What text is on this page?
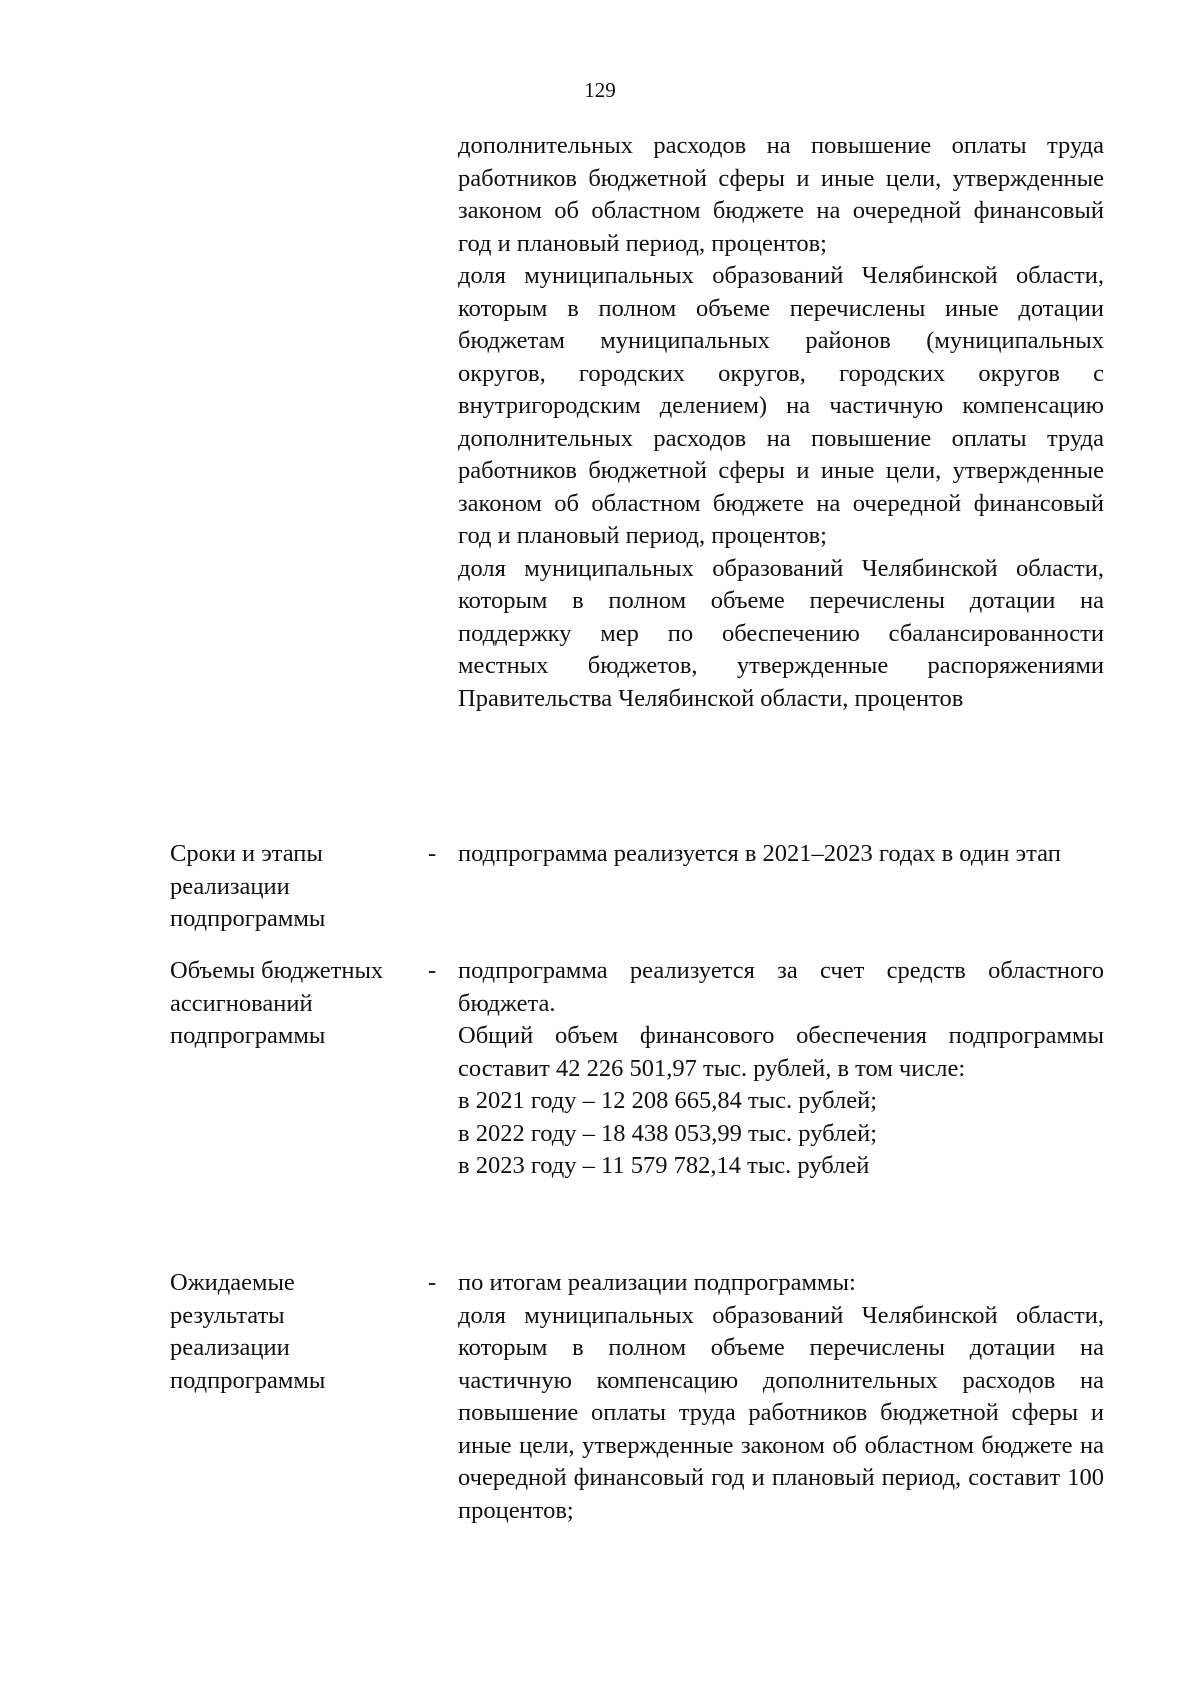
129

дополнительных расходов на повышение оплаты труда работников бюджетной сферы и иные цели, утвержденные законом об областном бюджете на очередной финансовый год и плановый период, процентов;

доля муниципальных образований Челябинской области, которым в полном объеме перечислены иные дотации бюджетам муниципальных районов (муниципальных округов, городских округов, городских округов с внутригородским делением) на частичную компенсацию дополнительных расходов на повышение оплаты труда работников бюджетной сферы и иные цели, утвержденные законом об областном бюджете на очередной финансовый год и плановый период, процентов;

доля муниципальных образований Челябинской области, которым в полном объеме перечислены дотации на поддержку мер по обеспечению сбалансированности местных бюджетов, утвержденные распоряжениями Правительства Челябинской области, процентов

Сроки и этапы реализации подпрограммы
- подпрограмма реализуется в 2021–2023 годах в один этап

Объемы бюджетных ассигнований подпрограммы
- подпрограмма реализуется за счет средств областного бюджета.

Общий объем финансового обеспечения подпрограммы составит 42 226 501,97 тыс. рублей, в том числе:

в 2021 году – 12 208 665,84 тыс. рублей;

в 2022 году – 18 438 053,99 тыс. рублей;

в 2023 году – 11 579 782,14 тыс. рублей

Ожидаемые результаты реализации подпрограммы
- по итогам реализации подпрограммы:

доля муниципальных образований Челябинской области, которым в полном объеме перечислены дотации на частичную компенсацию дополнительных расходов на повышение оплаты труда работников бюджетной сферы и иные цели, утвержденные законом об областном бюджете на очередной финансовый год и плановый период, составит 100 процентов;
